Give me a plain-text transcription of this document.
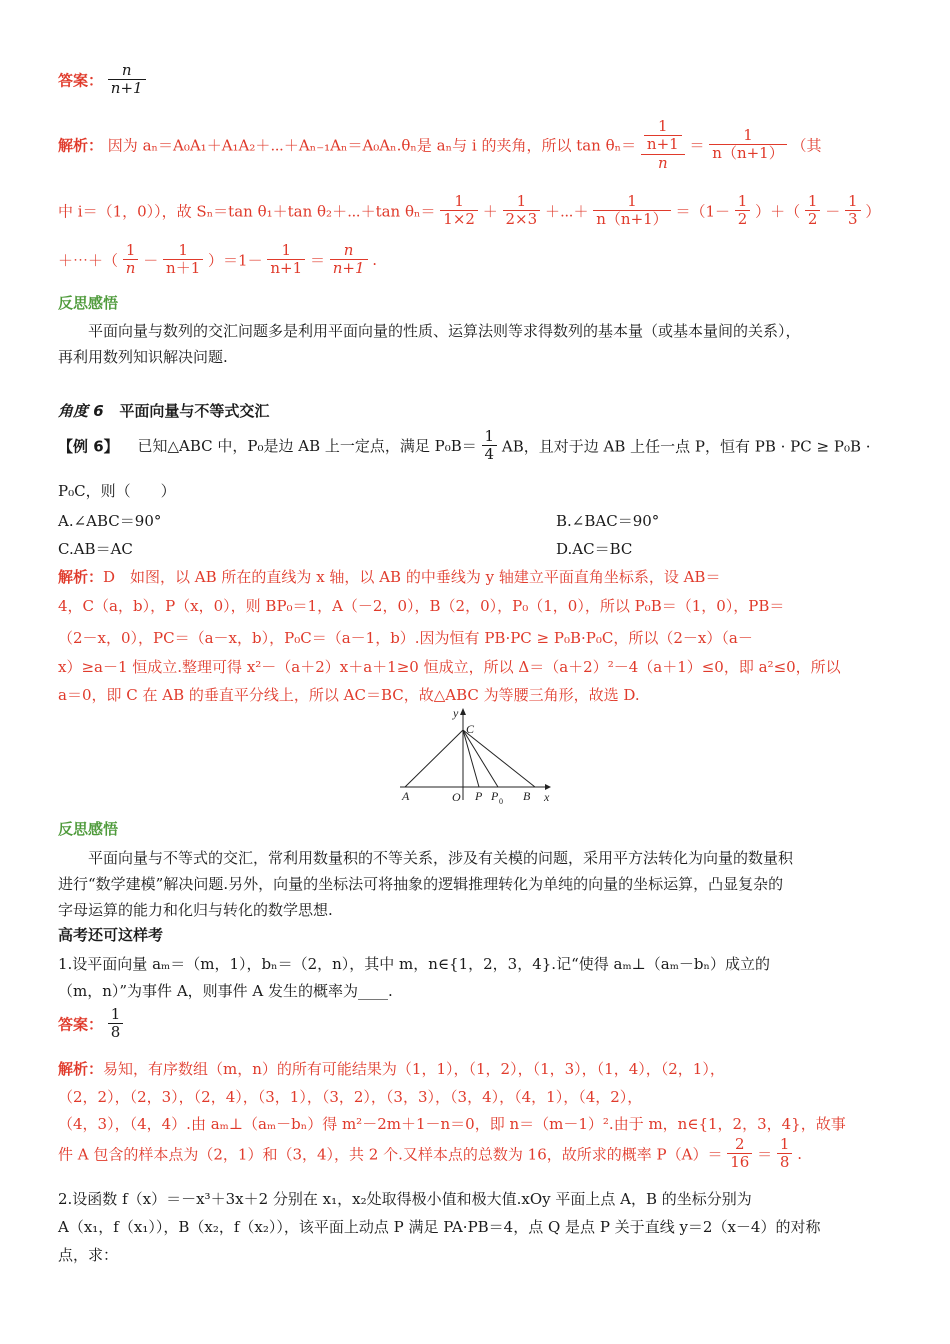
答案： $\frac{n}{n+1}$
解析： 因为 aₙ＝A₀A₁＋A₁A₂＋⋯＋Aₙ₋₁Aₙ＝A₀Aₙ.θₙ是 aₙ与 i 的夹角，所以 $\tan \theta_n= \frac{\frac{1}{n+1}}{n} = \frac{1}{n(n+1)}$ （其
中 i＝（1，0）），故 Sₙ＝tan θ₁＋tan θ₂＋⋯＋tan $\theta_n= \frac{1}{1\times 2} + \frac{1}{2\times 3}$ ＋⋯＋ $\frac{1}{n(n+1)} =(1- \frac{1}{2}$ ）＋（ $\frac{1}{2} - \frac{1}{3}$ ）
＋⋯＋（ $\frac{1}{n} - \frac{1}{n+1} )=1- \frac{1}{n+1} = \frac{n}{n+1}$ .
反思感悟
平面向量与数列的交汇问题多是利用平面向量的性质、运算法则等求得数列的基本量（或基本量间的关系），
再利用数列知识解决问题.
角度 6 平面向量与不等式交汇
【例 6】 已知△ABC 中，P₀是边 AB 上一定点，满足 $P_0B= \frac{1}{4}$ AB，且对于边 AB 上任一点 P，恒有 PB · PC ≥ P₀B ·
P₀C，则（　　）
A.∠ABC＝90°	B.∠BAC＝90°
C.AB＝AC	D.AC＝BC
解析：D　如图，以 AB 所在的直线为 x 轴，以 AB 的中垂线为 y 轴建立平面直角坐标系，设 AB＝
4，C（a，b），P（x，0），则 BP₀＝1，A（－2，0），B（2，0），P₀（1，0），所以 P₀B＝（1，0），PB＝
（2－x，0），PC＝（a－x，b），P₀C＝（a－1，b）.因为恒有 PB·PC ≥ P₀B·P₀C，所以（2－x）（a－
x）≥a－1 恒成立.整理可得 x²－（a＋2）x＋a＋1≥0 恒成立，所以 Δ＝（a＋2）²－4（a＋1）≤0，即 a²≤0，所以
a＝0，即 C 在 AB 的垂直平分线上，所以 AC＝BC，故△ABC 为等腰三角形，故选 D.
y
C
A	O P P 0 B x
反思感悟
平面向量与不等式的交汇，常利用数量积的不等关系，涉及有关模的问题，采用平方法转化为向量的数量积
进行“数学建模”解决问题.另外，向量的坐标法可将抽象的逻辑推理转化为单纯的向量的坐标运算，凸显复杂的
字母运算的能力和化归与转化的数学思想.
高考还可这样考
1.设平面向量 aₘ＝（m，1），bₙ＝（2，n），其中 m，n∈{1，2，3，4}.记“使得 aₘ⊥（aₘ－bₙ）成立的
（m，n）”为事件 A，则事件 A 发生的概率为____.
答案： $\frac{1}{8}$
解析：易知，有序数组（m，n）的所有可能结果为（1，1），（1，2），（1，3），（1，4），（2，1），
（2，2），（2，3），（2，4），（3，1），（3，2），（3，3），（3，4），（4，1），（4，2），
（4，3），（4，4）.由 aₘ⊥（aₘ－bₙ）得 m²－2m＋1－n＝0，即 n＝（m－1）².由于 m，n∈{1，2，3，4}，故事
件 A 包含的样本点为（2，1）和（3，4），共 2 个.又样本点的总数为 16，故所求的概率 $P(A)= \frac{2}{16} = \frac{1}{8}$ .
2.设函数 f（x）＝－x³＋3x＋2 分别在 x₁，x₂处取得极小值和极大值.xOy 平面上点 A，B 的坐标分别为
A（x₁，f（x₁）），B（x₂，f（x₂）），该平面上动点 P 满足 PA·PB＝4，点 Q 是点 P 关于直线 y＝2（x－4）的对称
点，求：
